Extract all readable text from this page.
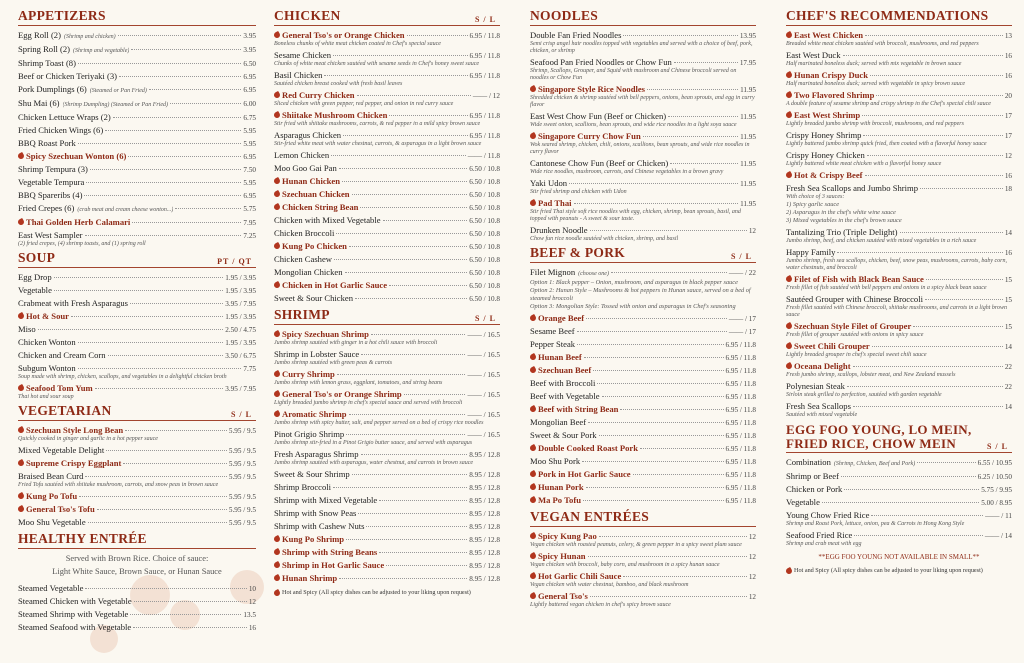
APPETIZERS
Egg Roll (2) (Shrimp and chicken)	3.95
Spring Roll (2) (Shrimp and vegetable)	3.95
Shrimp Toast (8)	6.50
Beef or Chicken Teriyaki (3)	6.95
Pork Dumplings (6) (Steamed or Pan Fried)	6.95
Shu Mai (6) (Shrimp Dumpling) (Steamed or Pan Fried)	6.00
Chicken Lettuce Wraps (2)	6.75
Fried Chicken Wings (6)	5.95
BBQ Roast Pork	5.95
Spicy Szechuan Wonton (6)	6.95
Shrimp Tempura (3)	7.50
Vegetable Tempura	5.95
BBQ Spareribs (4)	6.95
Fried Crepes (6) (crab meat and cream cheese wonton...)	5.75
Thai Golden Herb Calamari	7.95
East West Sampler	7.25
(2) fried crepes, (4) shrimp toasts, and (1) spring roll
SOUP	PT / QT
Egg Drop	1.95 / 3.95
Vegetable	1.95 / 3.95
Crabmeat with Fresh Asparagus	3.95 / 7.95
Hot & Sour	1.95 / 3.95
Miso	2.50 / 4.75
Chicken Wonton	1.95 / 3.95
Chicken and Cream Corn	3.50 / 6.75
Subgum Wonton	7.75
Soup made with shrimp, chicken, scallops, and vegetables in a delightful chicken broth
Seafood Tom Yum	3.95 / 7.95
Thai hot and sour soup
VEGETARIAN	S / L
Szechuan Style Long Bean	5.95 / 9.5
Quickly cooked in ginger and garlic in a hot pepper sauce
Mixed Vegetable Delight	5.95 / 9.5
Supreme Crispy Eggplant	5.95 / 9.5
Braised Bean Curd	5.95 / 9.5
Fried Tofu sautéed with shiitake mushroom, carrots, and snow peas in brown sauce
Kung Po Tofu	5.95 / 9.5
General Tso's Tofu	5.95 / 9.5
Moo Shu Vegetable	5.95 / 9.5
HEALTHY ENTRÉE
Served with Brown Rice. Choice of sauce:
Light White Sauce, Brown Sauce, or Hunan Sauce
Steamed Vegetable	10
Steamed Chicken with Vegetable	12
Steamed Shrimp with Vegetable	13.5
Steamed Seafood with Vegetable	16
CHICKEN	S / L
General Tso's or Orange Chicken	6.95 / 11.8
Boneless chunks of white meat chicken coated in Chef's special sauce
Sesame Chicken	6.95 / 11.8
Chunks of white meat chicken sautéed with sesame seeds in Chef's honey sweet sauce
Basil Chicken	6.95 / 11.8
Sautéed chicken breast cooked with fresh basil leaves
Red Curry Chicken	—— / 12
Sliced chicken with green pepper, red pepper, and onion in red curry sauce
Shiitake Mushroom Chicken	6.95 / 11.8
Stir fried with shiitake mushrooms, carrots, & red pepper in a mild spicy brown sauce
Asparagus Chicken	6.95 / 11.8
Stir-fried white meat with water chestnut, carrots, & asparagus in a light brown sauce
Lemon Chicken	—— / 11.8
Moo Goo Gai Pan	6.50 / 10.8
Hunan Chicken	6.50 / 10.8
Szechuan Chicken	6.50 / 10.8
Chicken String Bean	6.50 / 10.8
Chicken with Mixed Vegetable	6.50 / 10.8
Chicken Broccoli	6.50 / 10.8
Kung Po Chicken	6.50 / 10.8
Chicken Cashew	6.50 / 10.8
Mongolian Chicken	6.50 / 10.8
Chicken in Hot Garlic Sauce	6.50 / 10.8
Sweet & Sour Chicken	6.50 / 10.8
SHRIMP	S / L
Spicy Szechuan Shrimp	—— / 16.5
Jumbo shrimp sautéed with ginger in a hot chili sauce with broccoli
Shrimp in Lobster Sauce	—— / 16.5
Jumbo shrimp sautéed with green peas & carrots
Curry Shrimp	—— / 16.5
Jumbo shrimp with lemon grass, eggplant, tomatoes, and string beans
General Tso's or Orange Shrimp	—— / 16.5
Lightly breaded jumbo shrimp in chef's special sauce and served with broccoli
Aromatic Shrimp	—— / 16.5
Jumbo shrimp with spicy butter, salt, and pepper served on a bed of crispy rice noodles
Pinot Grigio Shrimp	—— / 16.5
Jumbo shrimp stir-fried in a Pinot Grigio butter sauce, and served with asparagus
Fresh Asparagus Shrimp	8.95 / 12.8
Jumbo shrimp sautéed with asparagus, water chestnut, and carrots in brown sauce
Sweet & Sour Shrimp	8.95 / 12.8
Shrimp Broccoli	8.95 / 12.8
Shrimp with Mixed Vegetable	8.95 / 12.8
Shrimp with Snow Peas	8.95 / 12.8
Shrimp with Cashew Nuts	8.95 / 12.8
Kung Po Shrimp	8.95 / 12.8
Shrimp with String Beans	8.95 / 12.8
Shrimp in Hot Garlic Sauce	8.95 / 12.8
Hunan Shrimp	8.95 / 12.8
Hot and Spicy (All spicy dishes can be adjusted to your liking upon request)
NOODLES
Double Fan Fried Noodles	13.95
Semi crisp angel hair noodles topped with vegetables and served with a choice of beef, pork, chicken, or shrimp
Seafood Pan Fried Noodles or Chow Fun	17.95
Shrimp, Scallops, Grouper, and Squid with mushroom and Chinese broccoli served on noodles or Chow Fun
Singapore Style Rice Noodles	11.95
Shredded chicken & shrimp sautéed with bell peppers, onions, bean sprouts, and egg in curry flavor
East West Chow Fun (Beef or Chicken)	11.95
Wide sweet onion, scallions, bean sprouts, and wide rice noodles in a light soya sauce
Singapore Curry Chow Fun	11.95
Wok seared shrimp, chicken, chili, onions, scallions, bean sprouts, and wide rice noodles in curry flavor
Cantonese Chow Fun (Beef or Chicken)	11.95
Wide rice noodles, mushroom, carrots, and Chinese vegetables in a brown gravy
Yaki Udon	11.95
Stir fried shrimp and chicken with Udon
Pad Thai	11.95
Stir fried Thai style soft rice noodles with egg, chicken, shrimp, bean sprouts, basil, and topped with peanuts - A sweet & sour taste.
Drunken Noodle	12
Chow fun rice noodle sautéed with chicken, shrimp, and basil
BEEF & PORK	S / L
Filet Mignon (choose one)	—— / 22
Option 1: Black pepper – Onion, mushroom, and asparagus in black pepper sauce
Option 2: Hunan Style – Mushrooms & hot peppers in Hunan sauce, served on a bed of steamed broccoli
Option 3: Mongolian Style: Tossed with onion and asparagus in Chef's seasoning
Orange Beef	—— / 17
Sesame Beef	—— / 17
Pepper Steak	6.95 / 11.8
Hunan Beef	6.95 / 11.8
Szechuan Beef	6.95 / 11.8
Beef with Broccoli	6.95 / 11.8
Beef with Vegetable	6.95 / 11.8
Beef with String Bean	6.95 / 11.8
Mongolian Beef	6.95 / 11.8
Sweet & Sour Pork	6.95 / 11.8
Double Cooked Roast Pork	6.95 / 11.8
Moo Shu Pork	6.95 / 11.8
Pork in Hot Garlic Sauce	6.95 / 11.8
Hunan Pork	6.95 / 11.8
Ma Po Tofu	6.95 / 11.8
VEGAN ENTRÉES
Spicy Kung Pao	12
Vegan chicken with roasted peanuts, celery, & green pepper in a spicy sweet plum sauce
Spicy Hunan	12
Vegan chicken with broccoli, baby corn, and mushroom in a spicy hunan sauce
Hot Garlic Chili Sauce	12
Vegan chicken with water chestnut, bamboo, and black mushroom
General Tso's	12
Lightly battered vegan chicken in chef's spicy brown sauce
CHEF'S RECOMMENDATIONS
East West Chicken	13
Breaded white meat chicken sautéed with broccoli, mushrooms, and red peppers
East West Duck	16
Half marinated boneless duck; served with mix vegetable in brown sauce
Hunan Crispy Duck	16
Half marinated boneless duck; served with vegetable in spicy brown sauce
Two Flavored Shrimp	20
A double feature of sesame shrimp and crispy shrimp in the Chef's special chili sauce
East West Shrimp	17
Lightly breaded jumbo shrimp with broccoli, mushrooms, and red peppers
Crispy Honey Shrimp	17
Lightly battered jumbo shrimp quick fried, then coated with a flavorful honey sauce
Crispy Honey Chicken	12
Lightly battered white meat chicken with a flavorful honey sauce
Hot & Crispy Beef	16
Fresh Sea Scallops and Jumbo Shrimp	18
With choice of 3 sauces:
1) Spicy garlic sauce
2) Asparagus in the chef's white wine sauce
3) Mixed vegetables in the chef's brown sauce
Tantalizing Trio (Triple Delight)	14
Jumbo shrimp, beef, and chicken sautéed with mixed vegetables in a rich sauce
Happy Family	16
Jumbo shrimp, fresh sea scallops, chicken, beef, snow peas, mushrooms, carrots, baby corn, water chestnuts, and broccoli
Filet of Fish with Black Bean Sauce	15
Fresh fillet of fish sautéed with bell peppers and onions in a spicy black bean sauce
Sautéed Grouper with Chinese Broccoli	15
Fresh fillet sautéed with Chinese broccoli, shiitake mushrooms, and carrots in a light brown sauce
Szechuan Style Filet of Grouper	15
Fresh fillet of grouper sautéed with onions in spicy sauce
Sweet Chili Grouper	14
Lightly breaded grouper in chef's special sweet chili sauce
Oceana Delight	22
Fresh jumbo shrimp, scallops, lobster meat, and New Zealand mussels
Polynesian Steak	22
Sirloin steak grilled to perfection, sautéed with garden vegetable
Fresh Sea Scallops	14
Sautéed with mixed vegetable
EGG FOO YOUNG, LO MEIN,
FRIED RICE, CHOW MEIN	S / L
Combination (Shrimp, Chicken, Beef and Pork)	6.55 / 10.95
Shrimp or Beef	6.25 / 10.50
Chicken or Pork	5.75 / 9.95
Vegetable	5.00 / 8.95
Young Chow Fried Rice	—— / 11
Shrimp and Roast Pork, lettuce, onion, pea & Carrots in Hong Kong Style
Seafood Fried Rice	—— / 14
Shrimp and crab meat with egg
**EGG FOO YOUNG NOT AVAILABLE IN SMALL**
Hot and Spicy (All spicy dishes can be adjusted to your liking upon request)
